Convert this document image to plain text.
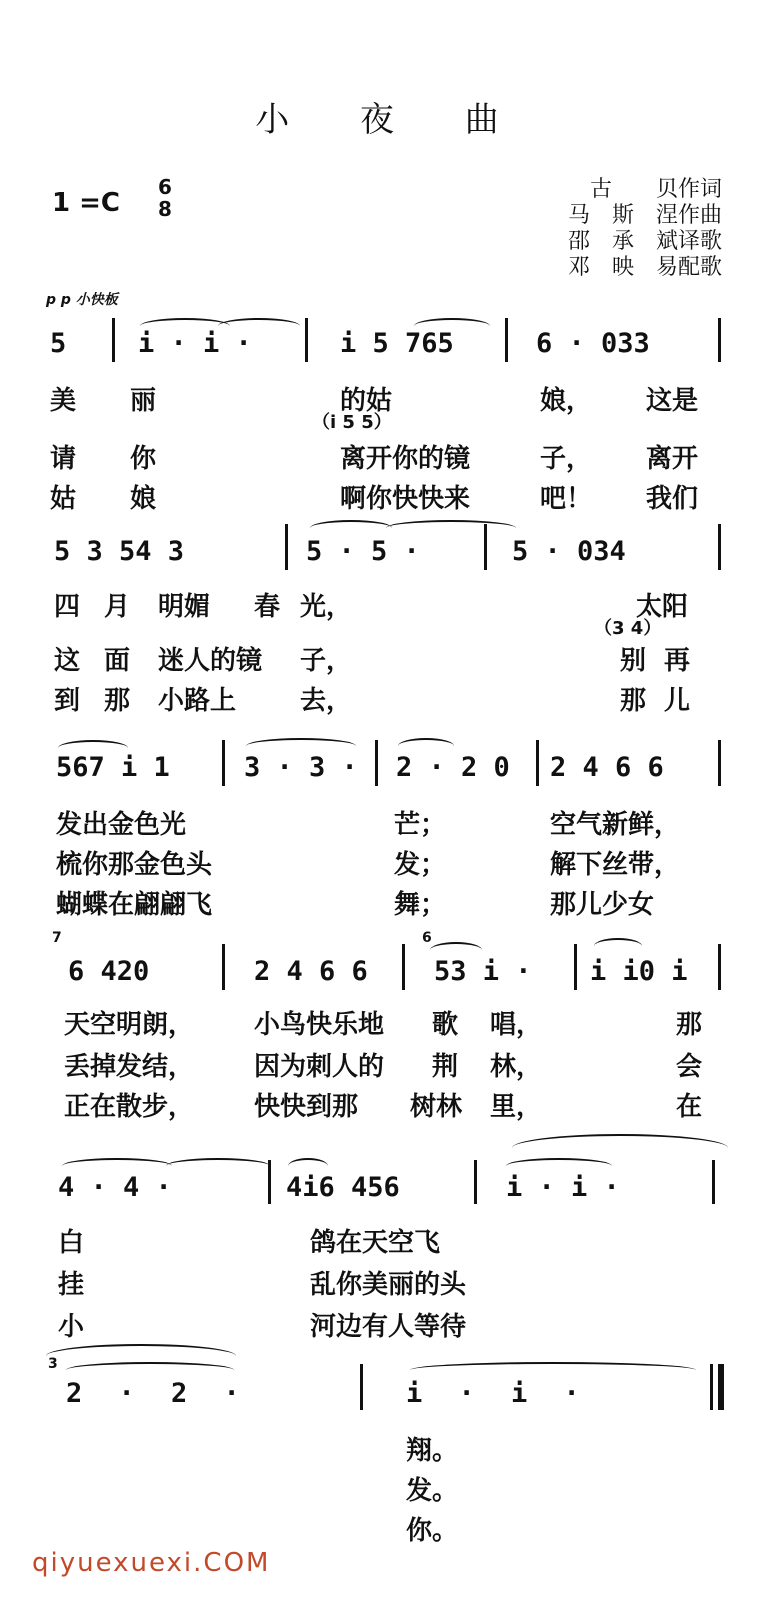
小 夜 曲
1 =C
6
8
古　　贝作词
马　斯　涅作曲
邵　承　斌译歌
邓　映　易配歌
p p 小快板
5	i · i ·	i 5 765	6 · 033
美 丽	的姑	娘， 这是
（i 5 5）
请 你	离开你的镜	子， 离开
姑 娘	啊你快快来	吧！ 我们
5 3 54 3	5 · 5 ·	5 · 034
四 月 明媚 春 光，	太阳
（3 4）
这 面 迷人的镜 子，	别 再
到 那 小路上 去，	那 儿
567 i 1	3 · 3 · 2 · 2 0 2 4 6 6
发出金色光	芒；	空气新鲜，
梳你那金色头	发；	解下丝带，
蝴蝶在翩翩飞	舞；	那儿少女
7
6 420	2 4 6 6
6
53 i · i i0 i
天空明朗， 小鸟快乐地 歌 唱，	那
丢掉发结， 因为刺人的 荆 林，	会
正在散步， 快快到那 树林 里，	在
4 · 4 ·	4i6 456	i · i ·
白	鸽在天空飞
挂	乱你美丽的头
小	河边有人等待
3
2 · 2 ·	i · i ·
翔。
发。
你。
qiyuexuexi.COM
